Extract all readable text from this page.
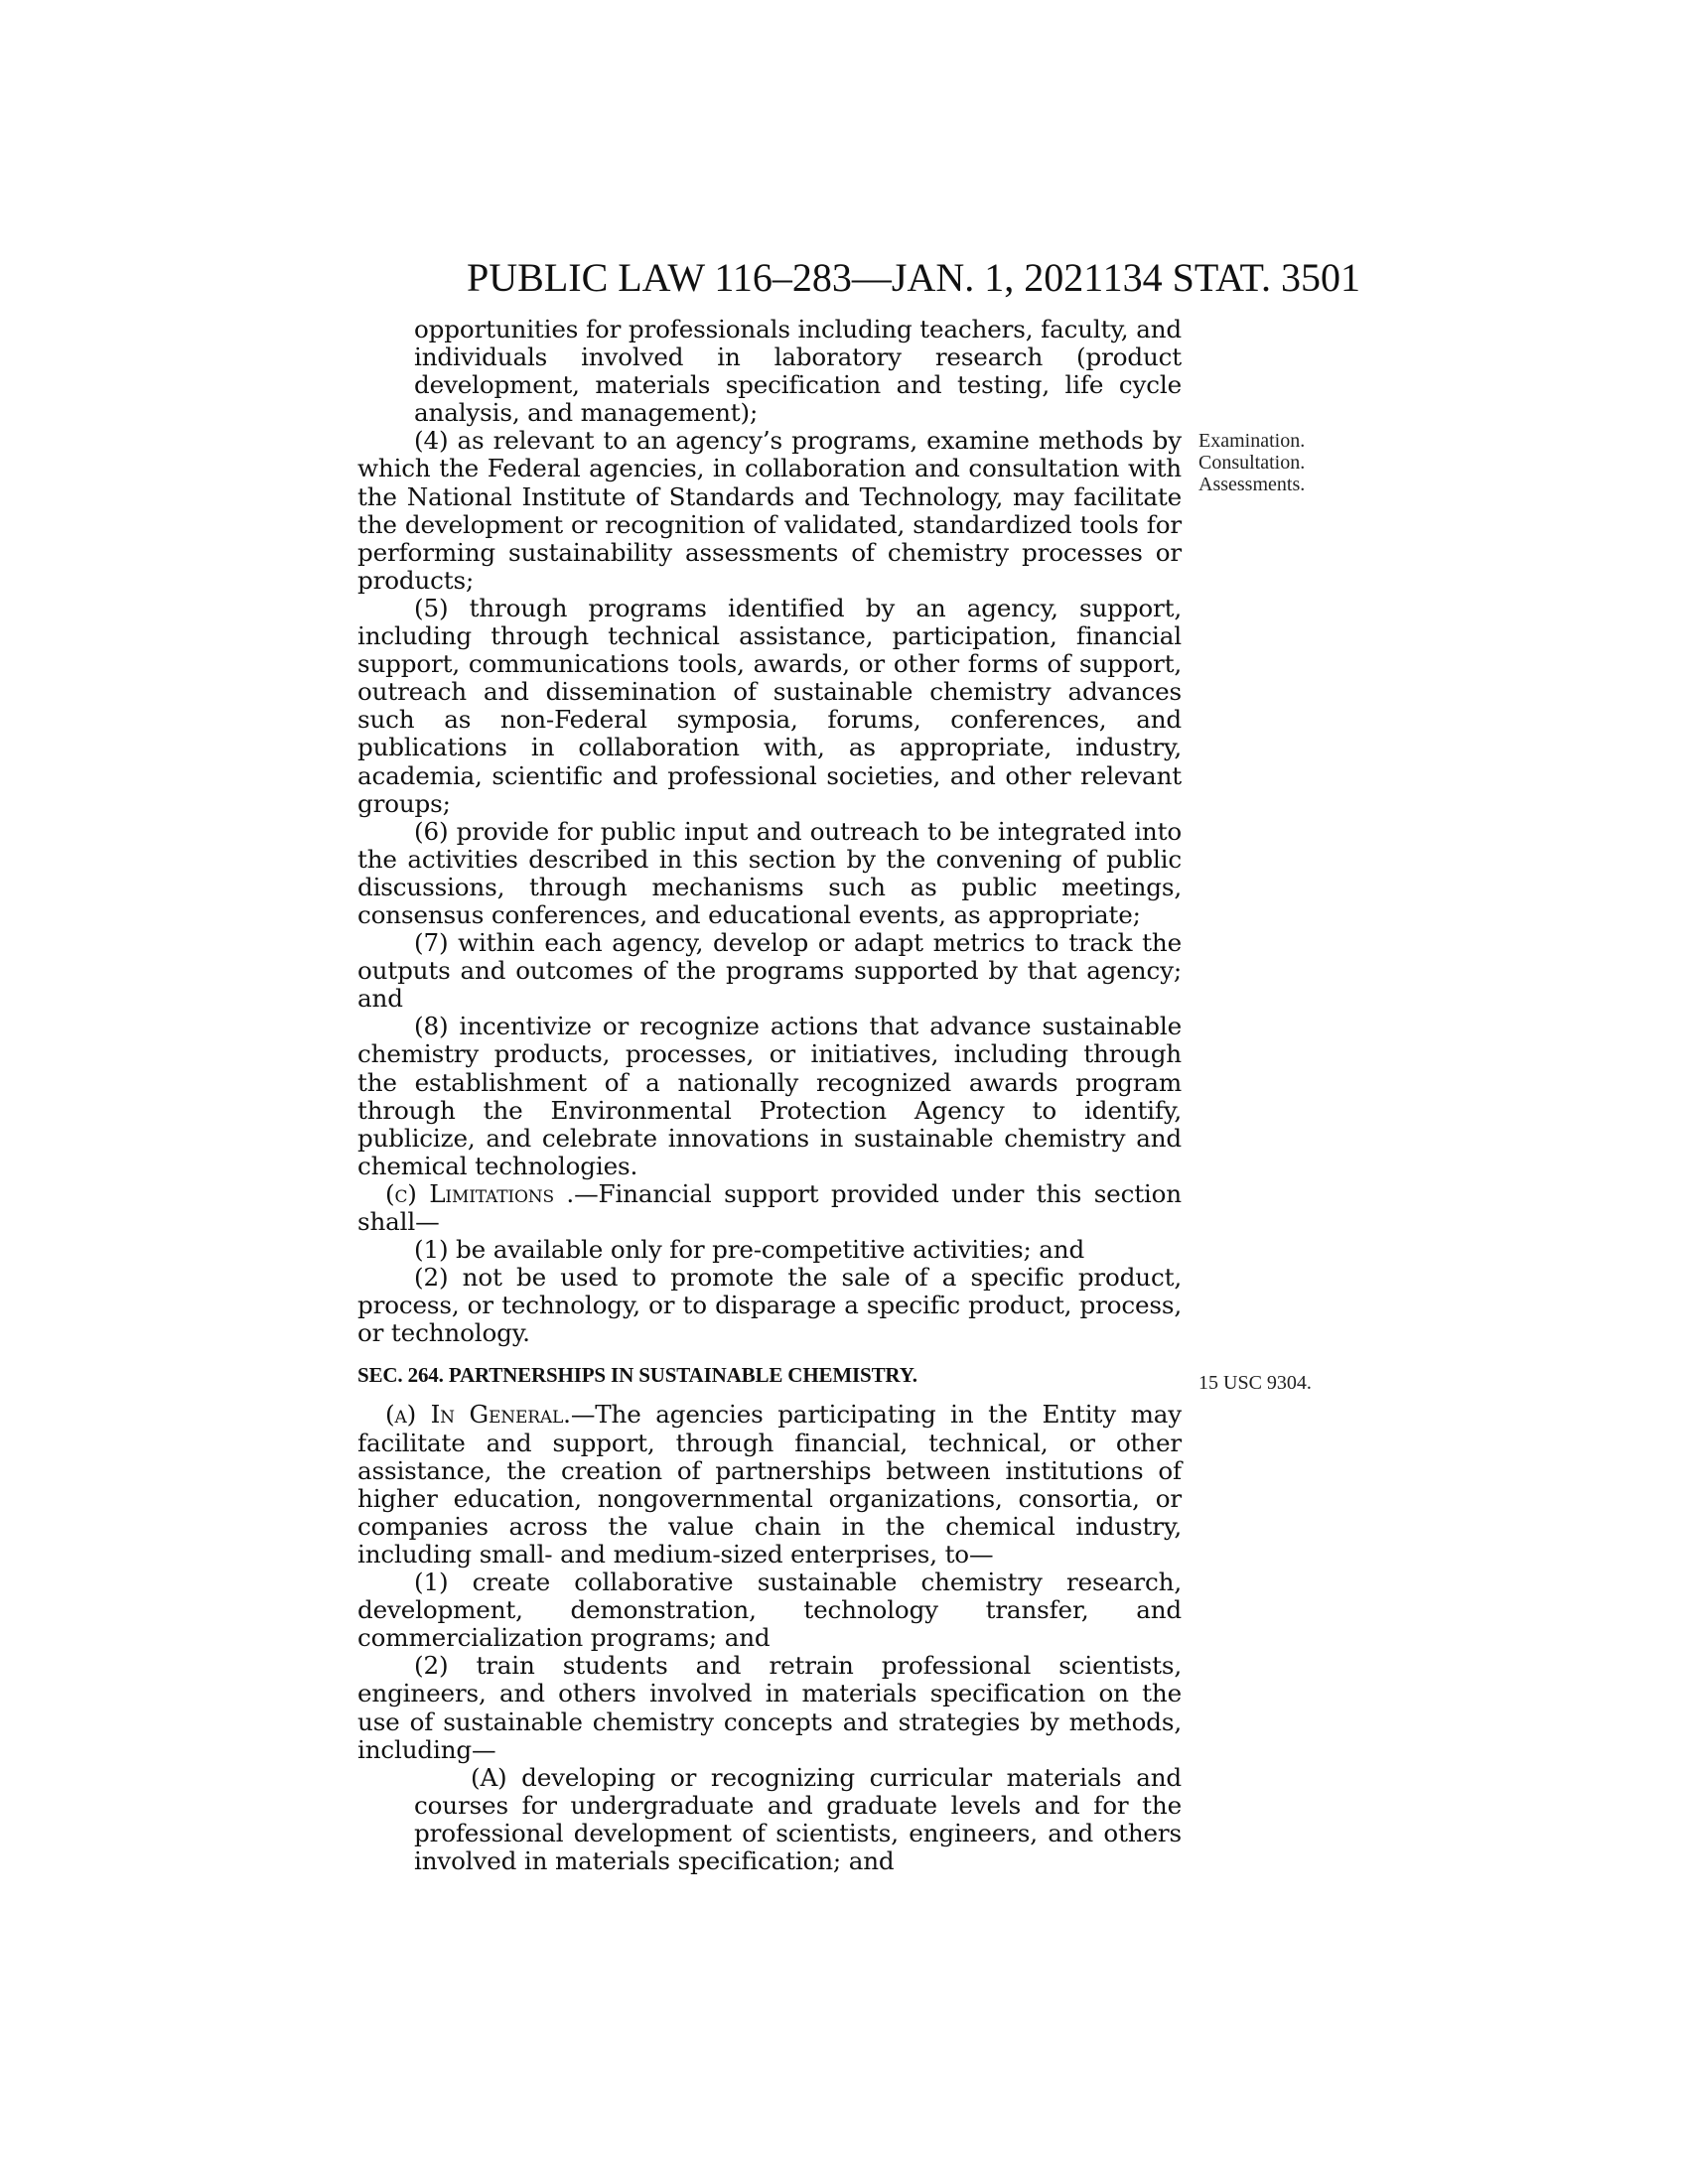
PUBLIC LAW 116–283—JAN. 1, 2021 134 STAT. 3501
Examination.
Consultation.
Assessments.
15 USC 9304.

opportunities for professionals including teachers, faculty, and individuals involved in laboratory research (product development, materials specification and testing, life cycle analysis, and management);

(4) as relevant to an agency’s programs, examine methods by which the Federal agencies, in collaboration and consultation with the National Institute of Standards and Technology, may facilitate the development or recognition of validated, standardized tools for performing sustainability assessments of chemistry processes or products;

(5) through programs identified by an agency, support, including through technical assistance, participation, financial support, communications tools, awards, or other forms of support, outreach and dissemination of sustainable chemistry advances such as non-Federal symposia, forums, conferences, and publications in collaboration with, as appropriate, industry, academia, scientific and professional societies, and other relevant groups;

(6) provide for public input and outreach to be integrated into the activities described in this section by the convening of public discussions, through mechanisms such as public meetings, consensus conferences, and educational events, as appropriate;

(7) within each agency, develop or adapt metrics to track the outputs and outcomes of the programs supported by that agency; and

(8) incentivize or recognize actions that advance sustainable chemistry products, processes, or initiatives, including through the establishment of a nationally recognized awards program through the Environmental Protection Agency to identify, publicize, and celebrate innovations in sustainable chemistry and chemical technologies.

(c) Limitations .—Financial support provided under this section shall—

(1) be available only for pre-competitive activities; and

(2) not be used to promote the sale of a specific product, process, or technology, or to disparage a specific product, process, or technology.

SEC. 264. PARTNERSHIPS IN SUSTAINABLE CHEMISTRY.

(a) In General.—The agencies participating in the Entity may facilitate and support, through financial, technical, or other assistance, the creation of partnerships between institutions of higher education, nongovernmental organizations, consortia, or companies across the value chain in the chemical industry, including small- and medium-sized enterprises, to—

(1) create collaborative sustainable chemistry research, development, demonstration, technology transfer, and commercialization programs; and

(2) train students and retrain professional scientists, engineers, and others involved in materials specification on the use of sustainable chemistry concepts and strategies by methods, including—

(A) developing or recognizing curricular materials and courses for undergraduate and graduate levels and for the professional development of scientists, engineers, and others involved in materials specification; and
